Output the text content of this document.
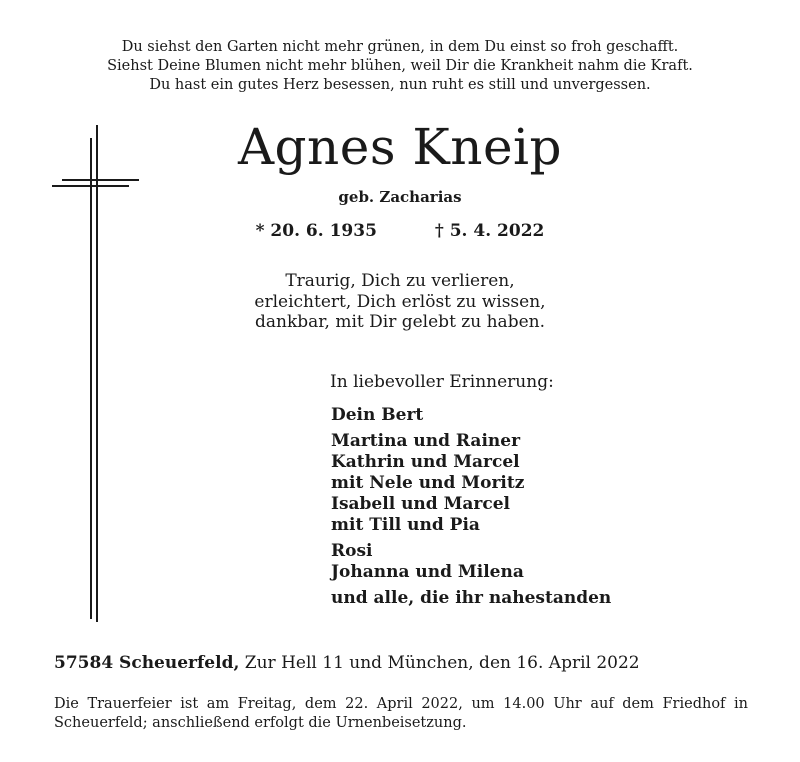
Du siehst den Garten nicht mehr grünen, in dem Du einst so froh geschafft.
Siehst Deine Blumen nicht mehr blühen, weil Dir die Krankheit nahm die Kraft.
Du hast ein gutes Herz besessen, nun ruht es still und unvergessen.
Agnes Kneip
geb. Zacharias
* 20. 6. 1935	† 5. 4. 2022
Traurig, Dich zu verlieren,
erleichtert, Dich erlöst zu wissen,
dankbar, mit Dir gelebt zu haben.
In liebevoller Erinnerung:
Dein Bert
Martina und Rainer
Kathrin und Marcel
mit Nele und Moritz
Isabell und Marcel
mit Till und Pia
Rosi
Johanna und Milena
und alle, die ihr nahestanden
57584 Scheuerfeld, Zur Hell 11 und München, den 16. April 2022
Die Trauerfeier ist am Freitag, dem 22. April 2022, um 14.00 Uhr auf dem Friedhof in
Scheuerfeld; anschließend erfolgt die Urnenbeisetzung.
